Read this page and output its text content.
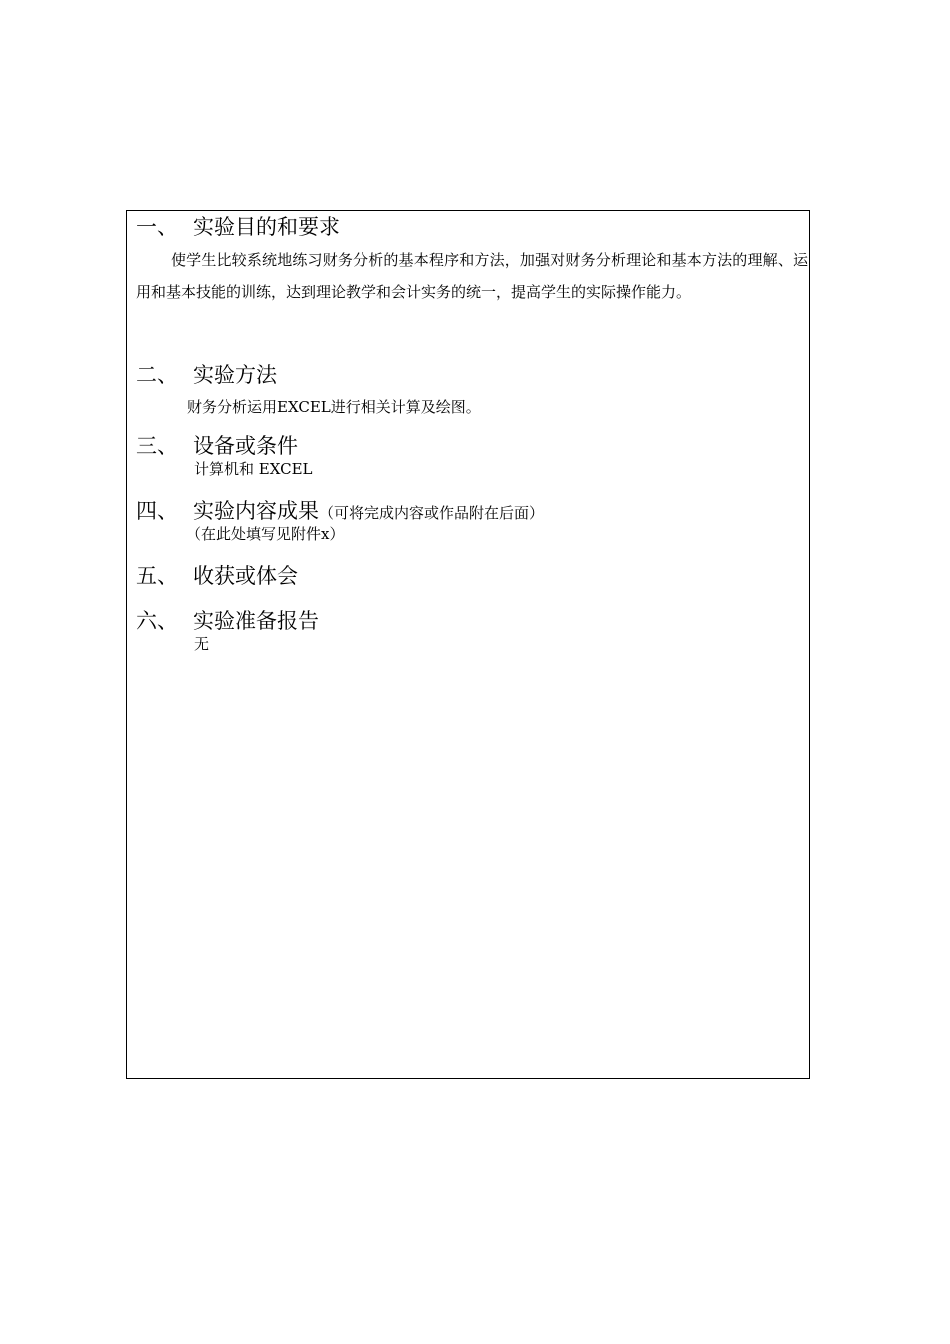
一、 实验目的和要求
使学生比较系统地练习财务分析的基本程序和方法，加强对财务分析理论和基本方法的理解、运用和基本技能的训练，达到理论教学和会计实务的统一，提高学生的实际操作能力。
二、 实验方法
财务分析运用EXCEL进行相关计算及绘图。
三、 设备或条件
计算机和 EXCEL
四、 实验内容成果（可将完成内容或作品附在后面）
（在此处填写见附件x）
五、 收获或体会
六、 实验准备报告
无
